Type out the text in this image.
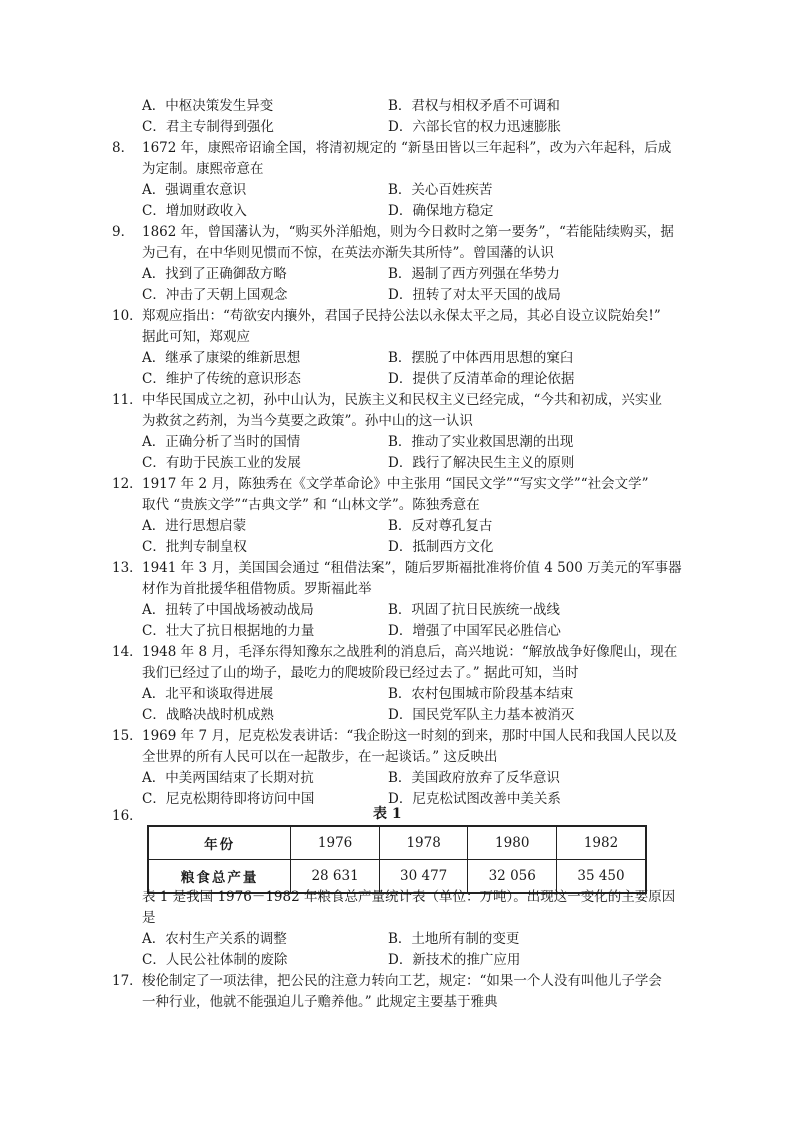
A．中枢决策发生异变	B．君权与相权矛盾不可调和
C．君主专制得到强化	D．六部长官的权力迅速膨胀
8． 1672 年，康熙帝诏谕全国，将清初规定的 “新垦田皆以三年起科”，改为六年起科，后成
为定制。康熙帝意在
A．强调重农意识	B．关心百姓疾苦
C．增加财政收入	D．确保地方稳定
9． 1862 年，曾国藩认为，“购买外洋船炮，则为今日救时之第一要务”，“若能陆续购买，据
为己有，在中华则见惯而不惊，在英法亦渐失其所恃”。曾国藩的认识
A．找到了正确御敌方略	B．遏制了西方列强在华势力
C．冲击了天朝上国观念	D．扭转了对太平天国的战局
10． 郑观应指出：“苟欲安内攘外，君国子民持公法以永保太平之局，其必自设立议院始矣!”
据此可知，郑观应
A．继承了康梁的维新思想	B．摆脱了中体西用思想的窠臼
C．维护了传统的意识形态	D．提供了反清革命的理论依据
11． 中华民国成立之初，孙中山认为，民族主义和民权主义已经完成，“今共和初成，兴实业
为救贫之药剂，为当今莫要之政策”。孙中山的这一认识
A．正确分析了当时的国情	B．推动了实业救国思潮的出现
C．有助于民族工业的发展	D．践行了解决民生主义的原则
12． 1917 年 2 月，陈独秀在《文学革命论》中主张用 “国民文学”“写实文学”“社会文学”
取代 “贵族文学”“古典文学” 和 “山林文学”。陈独秀意在
A．进行思想启蒙	B．反对尊孔复古
C．批判专制皇权	D．抵制西方文化
13． 1941 年 3 月，美国国会通过 “租借法案”，随后罗斯福批准将价值 4 500 万美元的军事器
材作为首批援华租借物质。罗斯福此举
A．扭转了中国战场被动战局	B．巩固了抗日民族统一战线
C．壮大了抗日根据地的力量	D．增强了中国军民必胜信心
14． 1948 年 8 月，毛泽东得知豫东之战胜利的消息后，高兴地说：“解放战争好像爬山，现在
我们已经过了山的坳子，最吃力的爬坡阶段已经过去了。” 据此可知，当时
A．北平和谈取得进展	B．农村包围城市阶段基本结束
C．战略决战时机成熟	D．国民党军队主力基本被消灭
15． 1969 年 7 月，尼克松发表讲话：“我企盼这一时刻的到来，那时中国人民和我国人民以及
全世界的所有人民可以在一起散步，在一起谈话。” 这反映出
A．中美两国结束了长期对抗	B．美国政府放弃了反华意识
C．尼克松期待即将访问中国	D．尼克松试图改善中美关系
16．	表 1
年份	1976	1978	1980	1982
粮食总产量	28 631	30 477	32 056	35 450
表 1 是我国 1976－1982 年粮食总产量统计表（单位：万吨）。出现这一变化的主要原因
是
A．农村生产关系的调整	B．土地所有制的变更
C．人民公社体制的废除	D．新技术的推广应用
17． 梭伦制定了一项法律，把公民的注意力转向工艺，规定：“如果一个人没有叫他儿子学会
一种行业，他就不能强迫儿子赡养他。” 此规定主要基于雅典
